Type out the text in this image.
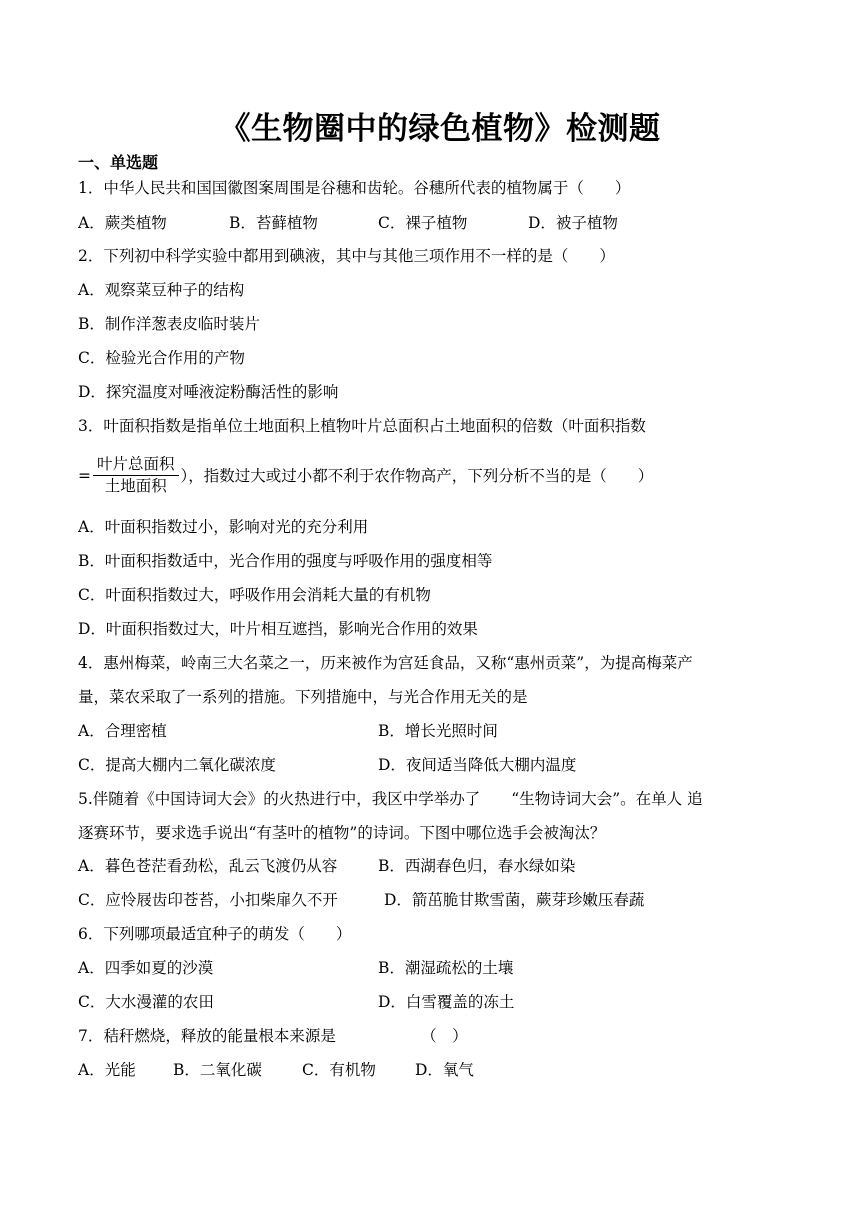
《生物圈中的绿色植物》检测题
一、单选题
1．中华人民共和国国徽图案周围是谷穗和齿轮。谷穗所代表的植物属于（　　）
A．蕨类植物	B．苔藓植物	C．裸子植物	D．被子植物
2．下列初中科学实验中都用到碘液，其中与其他三项作用不一样的是（　　）
A．观察菜豆种子的结构
B．制作洋葱表皮临时装片
C．检验光合作用的产物
D．探究温度对唾液淀粉酶活性的影响
3．叶面积指数是指单位土地面积上植物叶片总面积占土地面积的倍数（叶面积指数
= $\frac{\text{叶片总面积}}{\text{土地面积}}$ ），指数过大或过小都不利于农作物高产，下列分析不当的是（　　）
A．叶面积指数过小，影响对光的充分利用
B．叶面积指数适中，光合作用的强度与呼吸作用的强度相等
C．叶面积指数过大，呼吸作用会消耗大量的有机物
D．叶面积指数过大，叶片相互遮挡，影响光合作用的效果
4．惠州梅菜，岭南三大名菜之一，历来被作为宫廷食品，又称“惠州贡菜”，为提高梅菜产
量，菜农采取了一系列的措施。下列措施中，与光合作用无关的是
A．合理密植	B．增长光照时间
C．提高大棚内二氧化碳浓度	D．夜间适当降低大棚内温度
5.伴随着《中国诗词大会》的火热进行中，我区中学举办了　　“生物诗词大会”。在单人 追
逐赛环节，要求选手说出“有茎叶的植物”的诗词。下图中哪位选手会被淘汰？
A．暮色苍茫看劲松，乱云飞渡仍从容	B．西湖春色归，春水绿如染
C．应怜屐齿印苍苔，小扣柴扉久不开	D．箭茁脆甘欺雪菌，蕨芽珍嫩压春蔬
6．下列哪项最适宜种子的萌发（　　）
A．四季如夏的沙漠	B．潮湿疏松的土壤
C．大水漫灌的农田	D．白雪覆盖的冻土
7．秸秆燃烧，释放的能量根本来源是　　　　　　（　）
A．光能 B．二氧化碳	C．有机物	D．氧气
